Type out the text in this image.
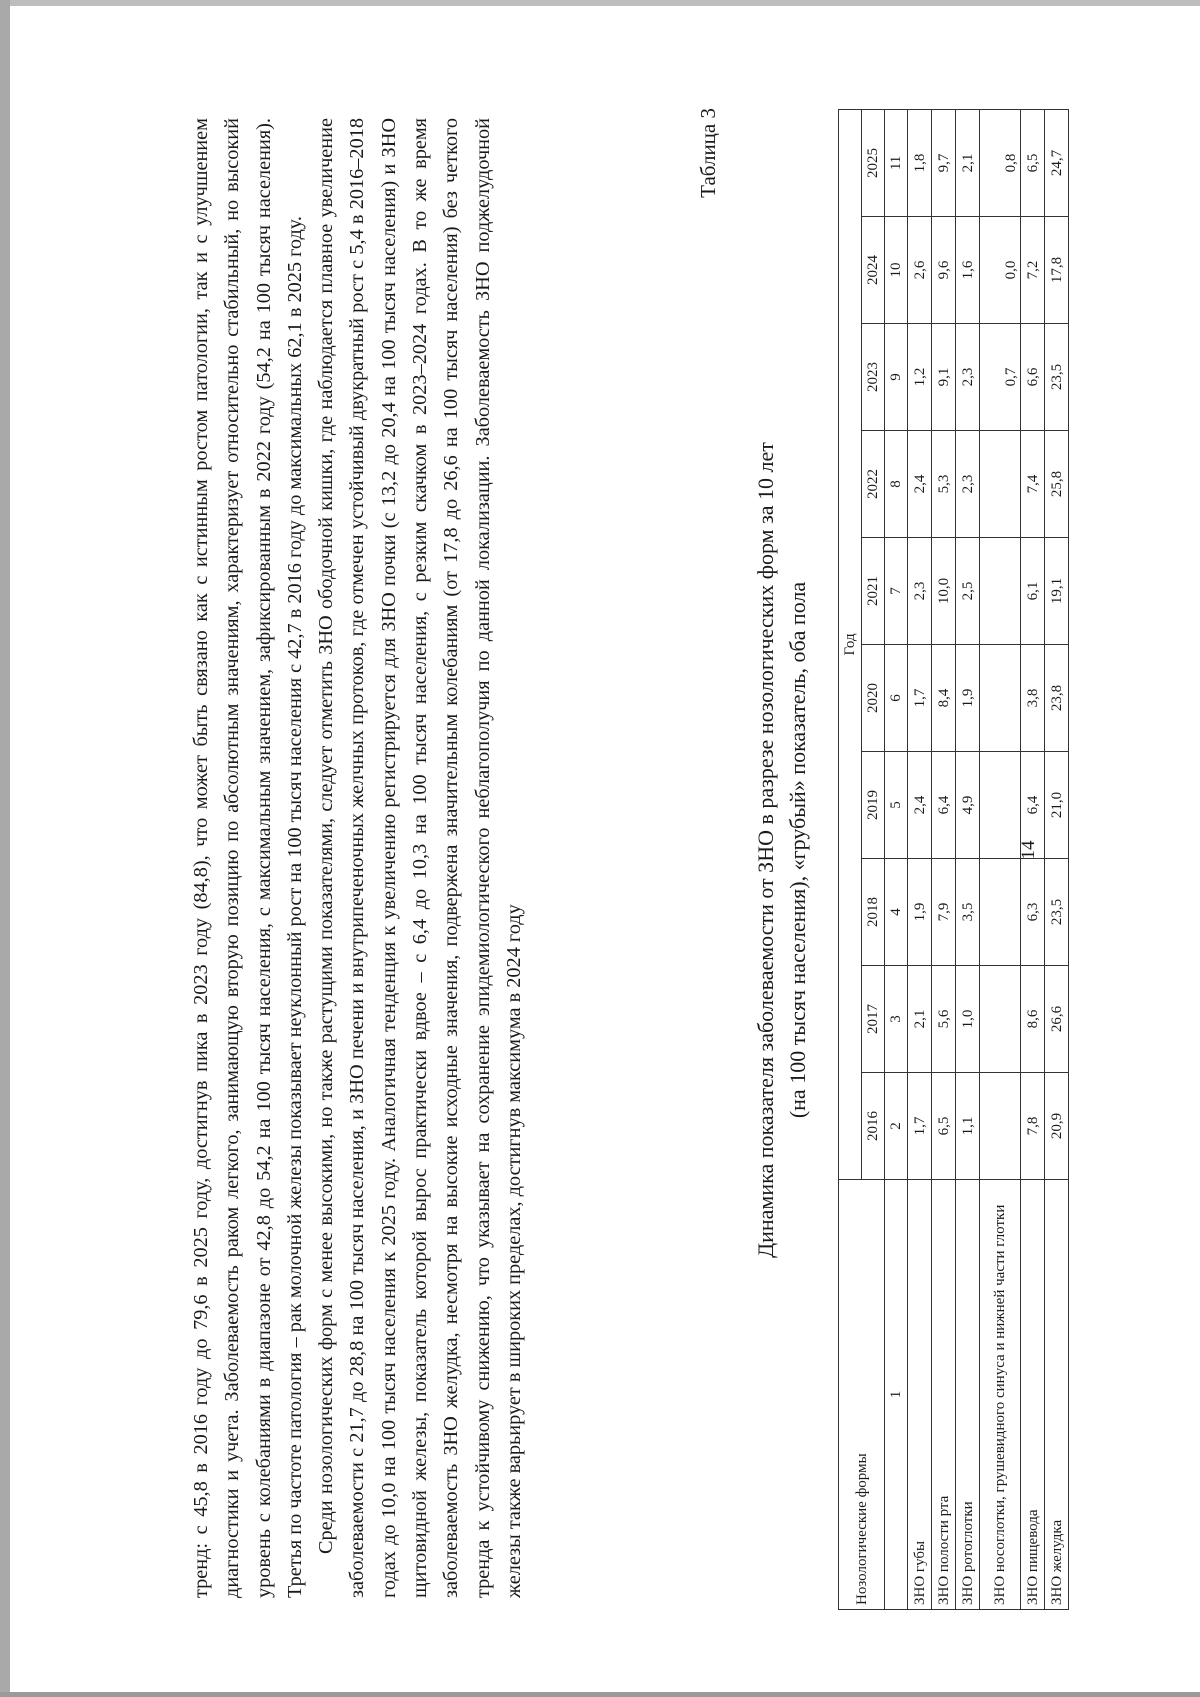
тренд: с 45,8 в 2016 году до 79,6 в 2025 году, достигнув пика в 2023 году (84,8), что может быть связано как с истинным ростом патологии, так и с улучшением диагностики и учета. Заболеваемость раком легкого, занимающую вторую позицию по абсолютным значениям, характеризует относительно стабильный, но высокий уровень с колебаниями в диапазоне от 42,8 до 54,2 на 100 тысяч населения, с максимальным значением, зафиксированным в 2022 году (54,2 на 100 тысяч населения). Третья по частоте патология – рак молочной железы показывает неуклонный рост на 100 тысяч населения с 42,7 в 2016 году до максимальных 62,1 в 2025 году. Среди нозологических форм с менее высокими, но также растущими показателями, следует отметить ЗНО ободочной кишки, где наблюдается плавное увеличение заболеваемости с 21,7 до 28,8 на 100 тысяч населения, и ЗНО печени и внутрипеченочных желчных протоков, где отмечен устойчивый двукратный рост с 5,4 в 2016–2018 годах до 10,0 на 100 тысяч населения к 2025 году. Аналогичная тенденция к увеличению регистрируется для ЗНО почки (с 13,2 до 20,4 на 100 тысяч населения) и ЗНО щитовидной железы, показатель которой вырос практически вдвое – с 6,4 до 10,3 на 100 тысяч населения, с резким скачком в 2023–2024 годах. В то же время заболеваемость ЗНО желудка, несмотря на высокие исходные значения, подвержена значительным колебаниям (от 17,8 до 26,6 на 100 тысяч населения) без четкого тренда к устойчивому снижению, что указывает на сохранение эпидемиологического неблагополучия по данной локализации. Заболеваемость ЗНО поджелудочной железы также варьирует в широких пределах, достигнув максимума в 2024 году

14
Таблица 3
Динамика показателя заболеваемости от ЗНО в разрезе нозологических форм за 10 лет (на 100 тысяч населения), «грубый» показатель, оба пола
Нозологические формы	Год									
	2016	2017	2018	2019	2020	2021	2022	2023	2024	2025
1	2	3	4	5	6	7	8	9	10	11
ЗНО губы	1,7	2,1	1,9	2,4	1,7	2,3	2,4	1,2	2,6	1,8
ЗНО полости рта	6,5	5,6	7,9	6,4	8,4	10,0	5,3	9,1	9,6	9,7
ЗНО ротоглотки	1,1	1,0	3,5	4,9	1,9	2,5	2,3	2,3	1,6	2,1
ЗНО носоглотки, грушевидного синуса и нижней части глотки								0,7	0,0	0,8
ЗНО пищевода	7,8	8,6	6,3	6,4	3,8	6,1	7,4	6,6	7,2	6,5
ЗНО желудка	20,9	26,6	23,5	21,0	23,8	19,1	25,8	23,5	17,8	24,7
